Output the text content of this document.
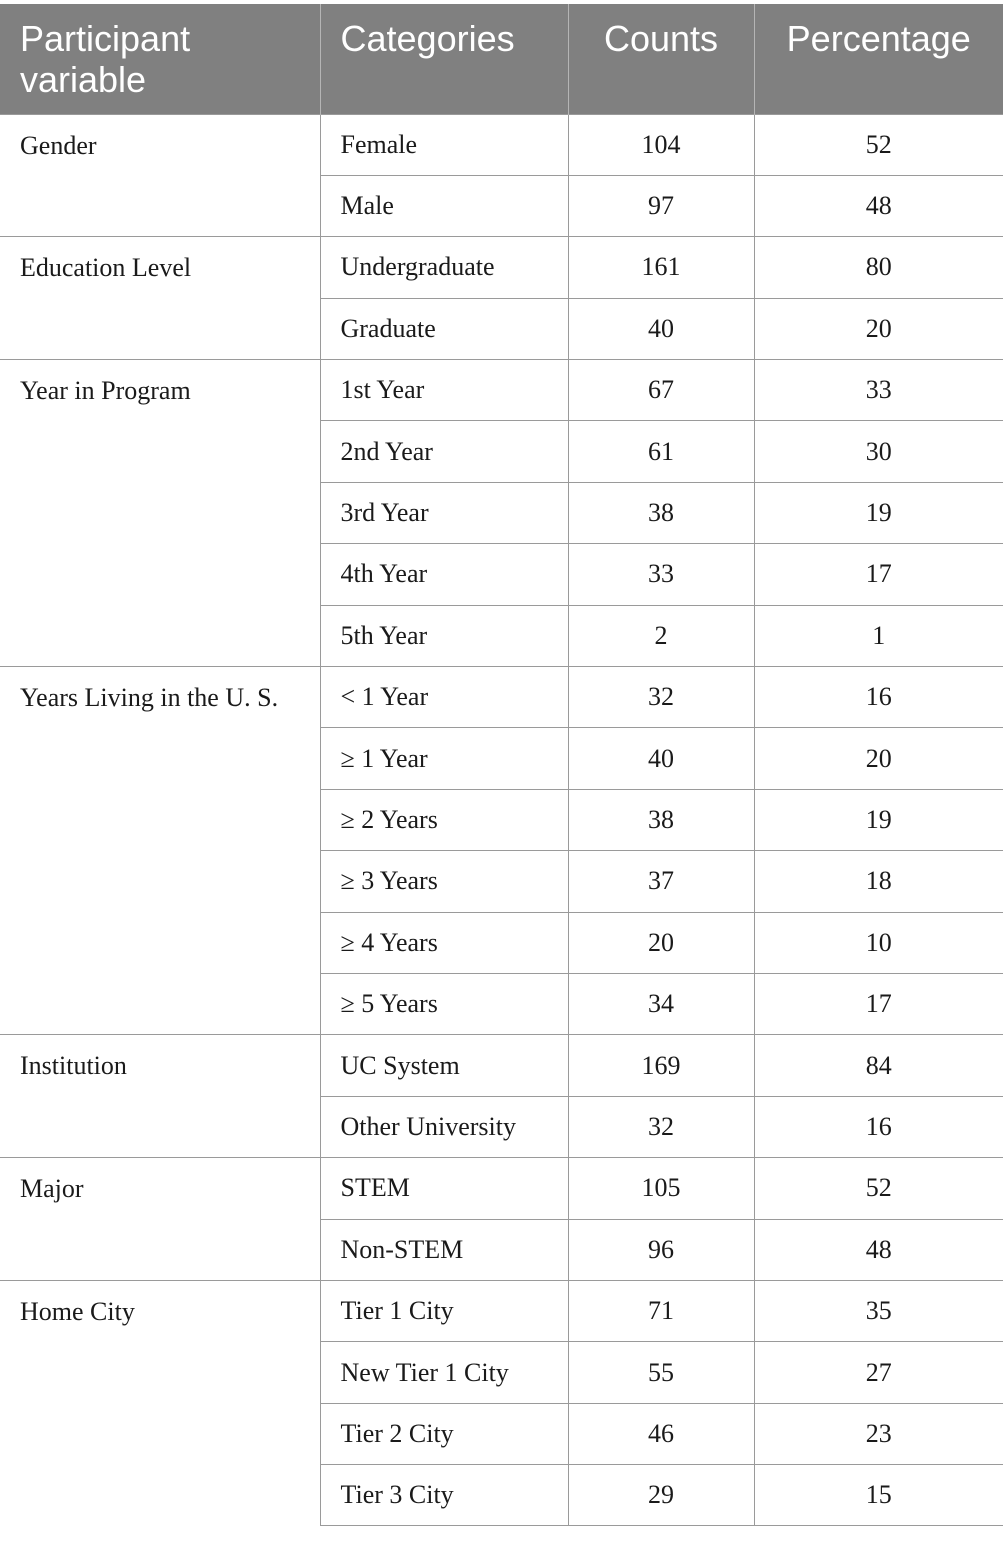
Participant variable	Categories	Counts	Percentage
Gender	Female	104	52
	Male	97	48
Education Level	Undergraduate	161	80
	Graduate	40	20
Year in Program	1st Year	67	33
	2nd Year	61	30
	3rd Year	38	19
	4th Year	33	17
	5th Year	2	1
Years Living in the U. S.	< 1 Year	32	16
	≥ 1 Year	40	20
	≥ 2 Years	38	19
	≥ 3 Years	37	18
	≥ 4 Years	20	10
	≥ 5 Years	34	17
Institution	UC System	169	84
	Other University	32	16
Major	STEM	105	52
	Non-STEM	96	48
Home City	Tier 1 City	71	35
	New Tier 1 City	55	27
	Tier 2 City	46	23
	Tier 3 City	29	15
